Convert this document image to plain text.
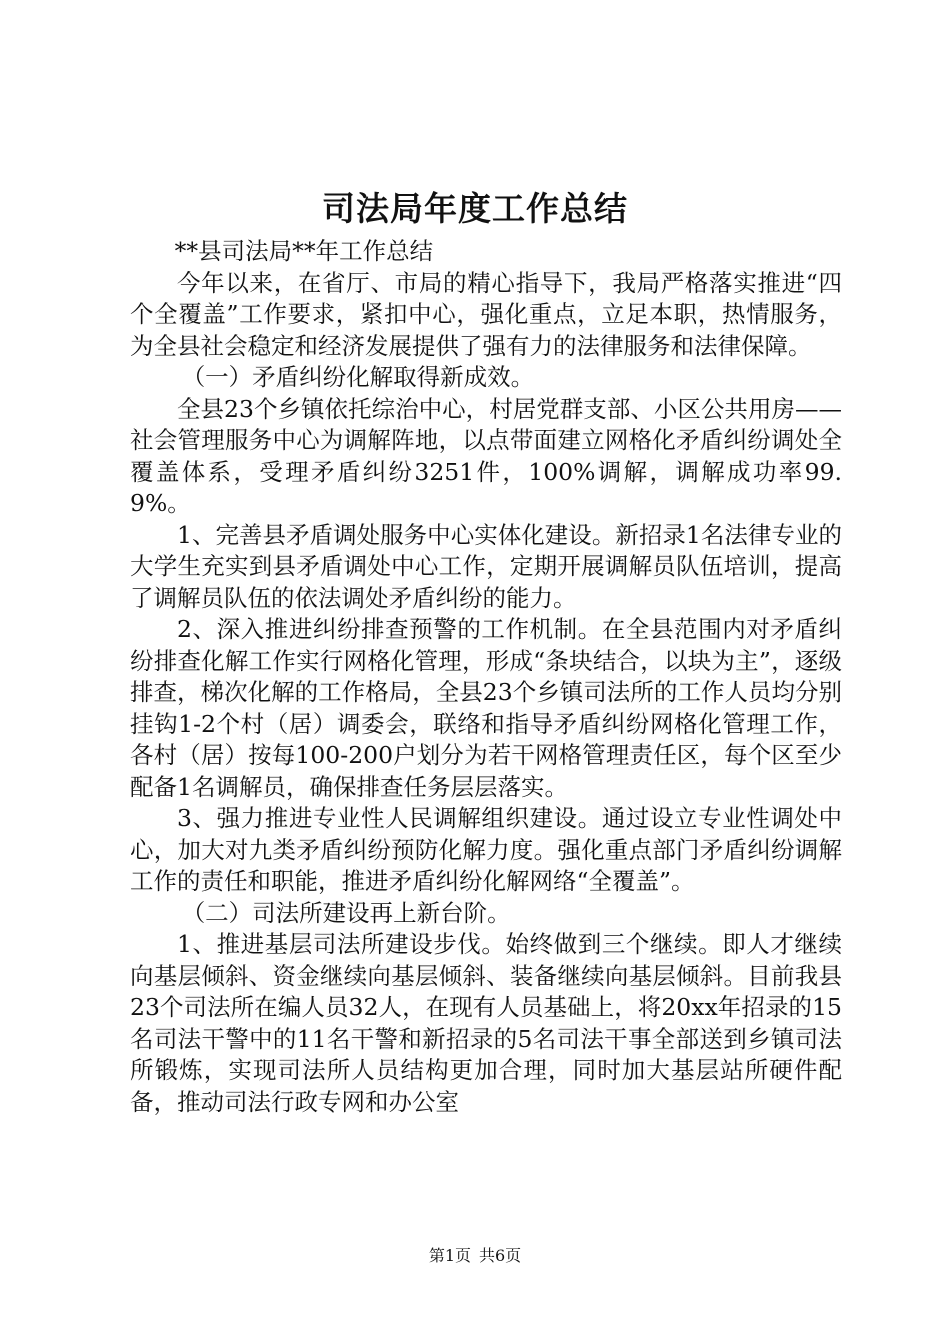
司法局年度工作总结

**县司法局**年工作总结

今年以来，在省厅、市局的精心指导下，我局严格落实推进“四个全覆盖”工作要求，紧扣中心，强化重点，立足本职，热情服务，为全县社会稳定和经济发展提供了强有力的法律服务和法律保障。

（一）矛盾纠纷化解取得新成效。

全县23个乡镇依托综治中心，村居党群支部、小区公共用房——社会管理服务中心为调解阵地，以点带面建立网格化矛盾纠纷调处全覆盖体系，受理矛盾纠纷3251件，100%调解，调解成功率99.9%。

1、完善县矛盾调处服务中心实体化建设。新招录1名法律专业的大学生充实到县矛盾调处中心工作，定期开展调解员队伍培训，提高了调解员队伍的依法调处矛盾纠纷的能力。

2、深入推进纠纷排查预警的工作机制。在全县范围内对矛盾纠纷排查化解工作实行网格化管理，形成“条块结合，以块为主”，逐级排查，梯次化解的工作格局，全县23个乡镇司法所的工作人员均分别挂钩1-2个村（居）调委会，联络和指导矛盾纠纷网格化管理工作，各村（居）按每100-200户划分为若干网格管理责任区，每个区至少配备1名调解员，确保排查任务层层落实。

3、强力推进专业性人民调解组织建设。通过设立专业性调处中心，加大对九类矛盾纠纷预防化解力度。强化重点部门矛盾纠纷调解工作的责任和职能，推进矛盾纠纷化解网络“全覆盖”。

（二）司法所建设再上新台阶。

1、推进基层司法所建设步伐。始终做到三个继续。即人才继续向基层倾斜、资金继续向基层倾斜、装备继续向基层倾斜。目前我县23个司法所在编人员32人，在现有人员基础上，将20xx年招录的15名司法干警中的11名干警和新招录的5名司法干事全部送到乡镇司法所锻炼，实现司法所人员结构更加合理，同时加大基层站所硬件配备，推动司法行政专网和办公室

第1页 共6页
